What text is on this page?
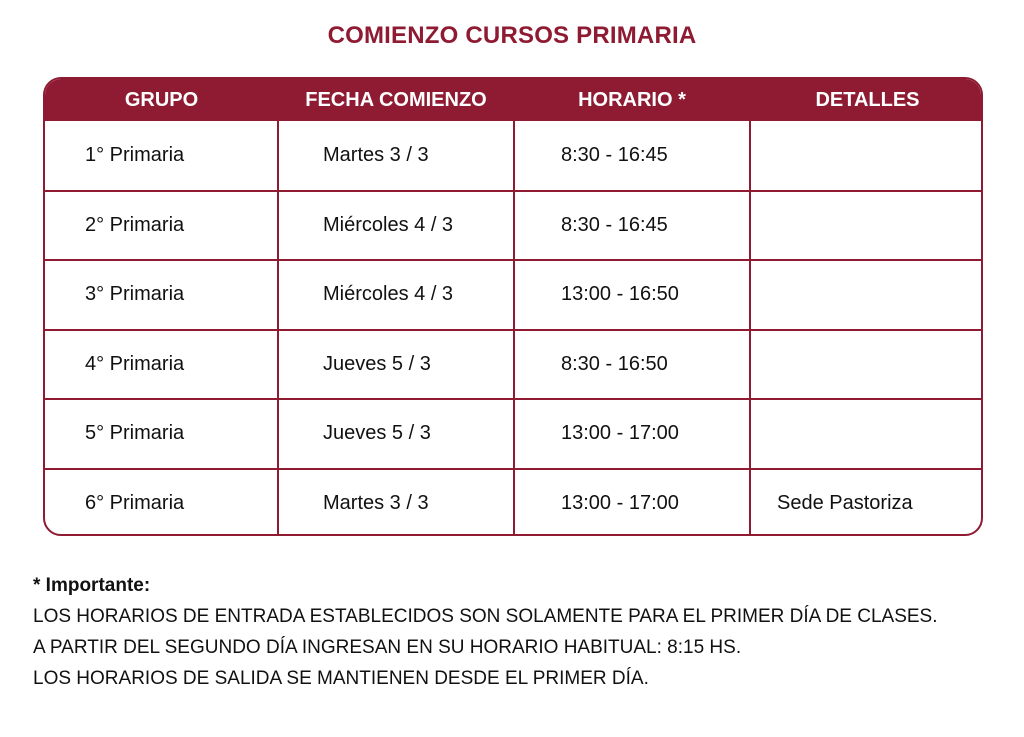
COMIENZO CURSOS PRIMARIA
GRUPO	FECHA COMIENZO	HORARIO *	DETALLES
1° Primaria	Martes 3 / 3	8:30 - 16:45	
2° Primaria	Miércoles 4 / 3	8:30 - 16:45	
3° Primaria	Miércoles 4 / 3	13:00 - 16:50	
4° Primaria	Jueves 5 / 3	8:30 - 16:50	
5° Primaria	Jueves 5 / 3	13:00 - 17:00	
6° Primaria	Martes 3 / 3	13:00 - 17:00	Sede Pastoriza
* Importante:
LOS HORARIOS DE ENTRADA ESTABLECIDOS SON SOLAMENTE PARA EL PRIMER DÍA DE CLASES.
A PARTIR DEL SEGUNDO DÍA INGRESAN EN SU HORARIO HABITUAL: 8:15 HS.
LOS HORARIOS DE SALIDA SE MANTIENEN DESDE EL PRIMER DÍA.
